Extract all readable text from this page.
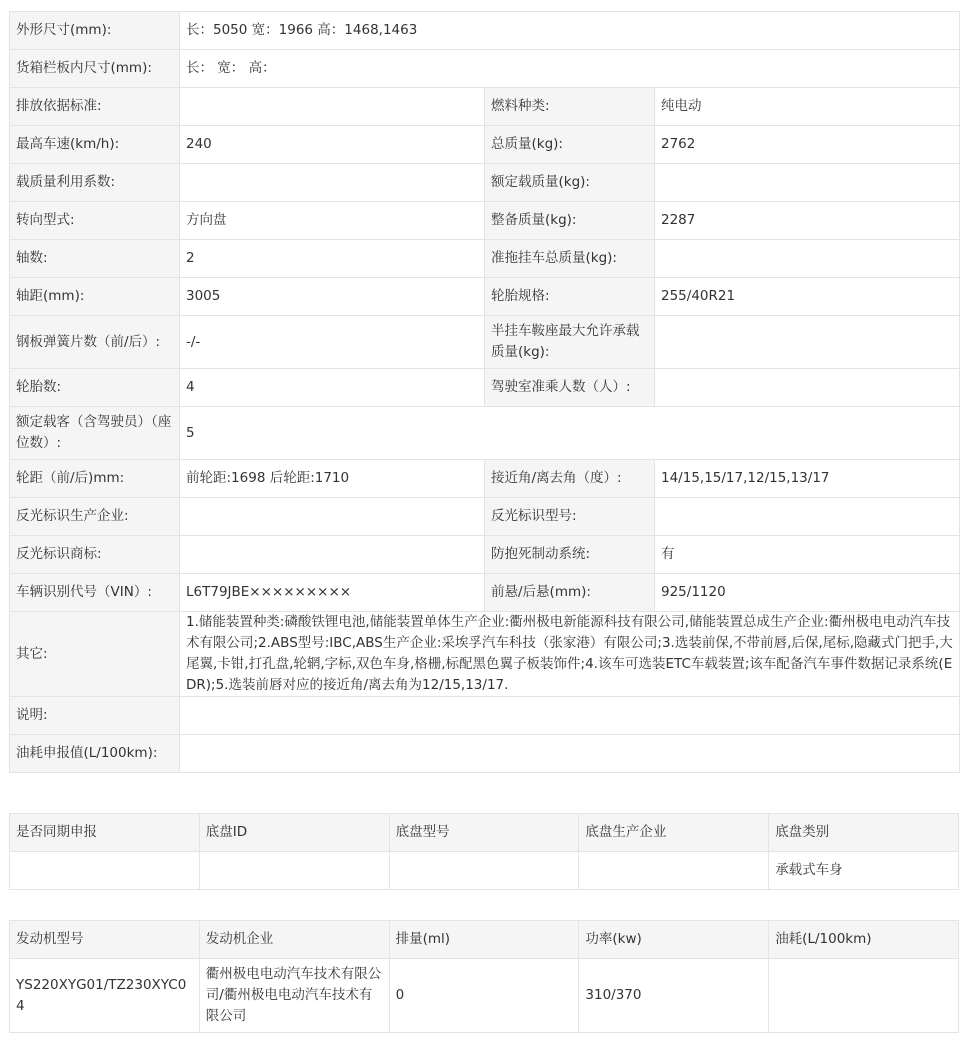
外形尺寸(mm):	长：5050 宽：1966 高：1468,1463		
货箱栏板内尺寸(mm):	长： 宽： 高：		
排放依据标准:		燃料种类:	纯电动
最高车速(km/h):	240	总质量(kg):	2762
载质量利用系数:		额定载质量(kg):	
转向型式:	方向盘	整备质量(kg):	2287
轴数:	2	准拖挂车总质量(kg):	
轴距(mm):	3005	轮胎规格:	255/40R21
钢板弹簧片数（前/后）:	-/-	半挂车鞍座最大允许承载质量(kg):	
轮胎数:	4	驾驶室准乘人数（人）:	
额定载客（含驾驶员）（座位数）:	5		
轮距（前/后)mm:	前轮距:1698 后轮距:1710	接近角/离去角（度）:	14/15,15/17,12/15,13/17
反光标识生产企业:		反光标识型号:	
反光标识商标:		防抱死制动系统:	有
车辆识别代号（VIN）:	L6T79JBE×××××××××	前悬/后悬(mm):	925/1120
其它:	1.储能装置种类:磷酸铁锂电池,储能装置单体生产企业:衢州极电新能源科技有限公司,储能装置总成生产企业:衢州极电电动汽车技术有限公司;2.ABS型号:IBC,ABS生产企业:采埃孚汽车科技（张家港）有限公司;3.选装前保,不带前唇,后保,尾标,隐藏式门把手,大尾翼,卡钳,打孔盘,轮辋,字标,双色车身,格栅,标配黑色翼子板装饰件;4.该车可选装ETC车载装置;该车配备汽车事件数据记录系统(EDR);5.选装前唇对应的接近角/离去角为12/15,13/17.		
说明:			
油耗申报值(L/100km):			
是否同期申报	底盘ID	底盘型号	底盘生产企业	底盘类别
				承载式车身
发动机型号	发动机企业	排量(ml)	功率(kw)	油耗(L/100km)
YS220XYG01/TZ230XYC04	衢州极电电动汽车技术有限公司/衢州极电电动汽车技术有限公司	0	310/370	
